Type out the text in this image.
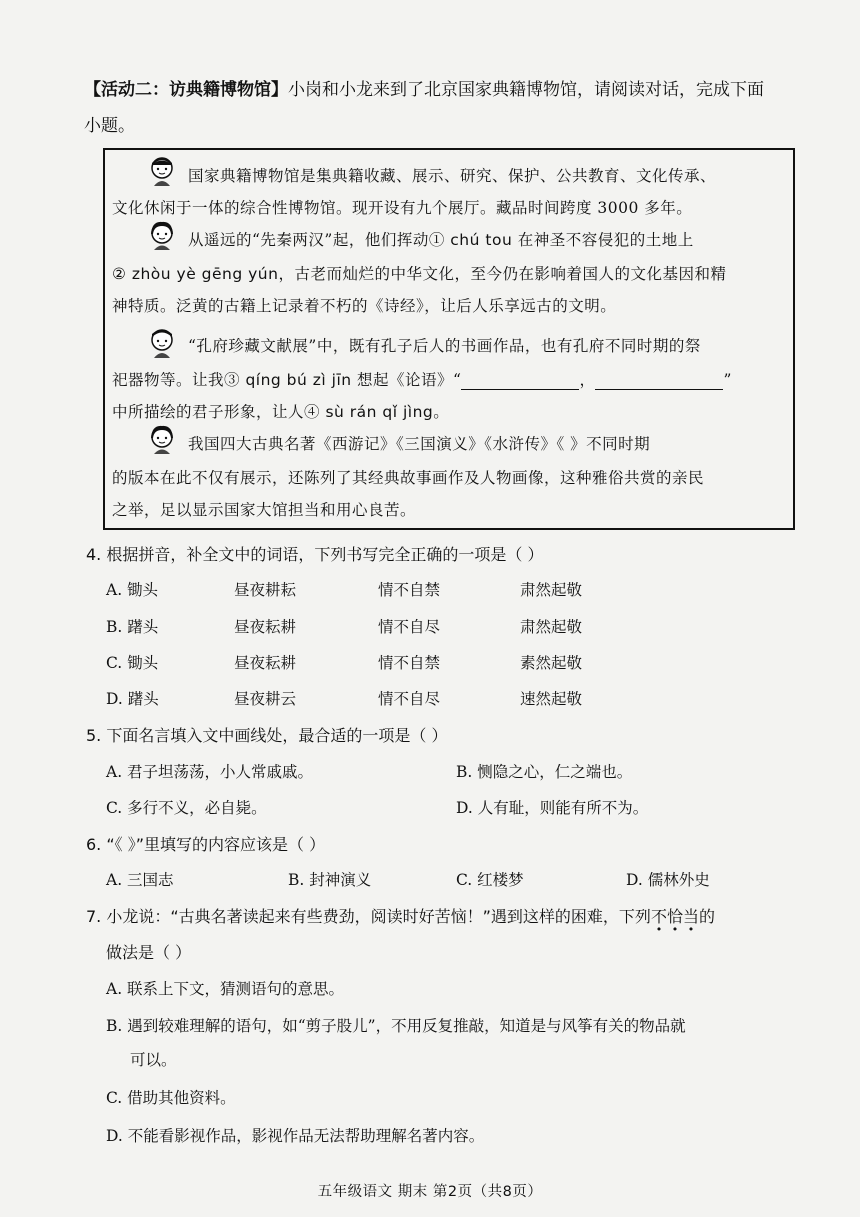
【活动二：访典籍博物馆】小岗和小龙来到了北京国家典籍博物馆，请阅读对话，完成下面
小题。
国家典籍博物馆是集典籍收藏、展示、研究、保护、公共教育、文化传承、
文化休闲于一体的综合性博物馆。现开设有九个展厅。藏品时间跨度 3000 多年。
从遥远的“先秦两汉”起，他们挥动① chú tou 在神圣不容侵犯的土地上
② zhòu yè gēng yún，古老而灿烂的中华文化，至今仍在影响着国人的文化基因和精
神特质。泛黄的古籍上记录着不朽的《诗经》，让后人乐享远古的文明。
“孔府珍藏文献展”中，既有孔子后人的书画作品，也有孔府不同时期的祭
祀器物等。让我③ qíng bú zì jīn 想起《论语》“	，	”
中所描绘的君子形象，让人④ sù rán qǐ jìng。
我国四大古典名著《西游记》《三国演义》《水浒传》《 》不同时期
的版本在此不仅有展示，还陈列了其经典故事画作及人物画像，这种雅俗共赏的亲民
之举，足以显示国家大馆担当和用心良苦。
4. 根据拼音，补全文中的词语，下列书写完全正确的一项是（ ）
A. 锄头	昼夜耕耘	情不自禁	肃然起敬
B. 躇头	昼夜耘耕	情不自尽	肃然起敬
C. 锄头	昼夜耘耕	情不自禁	素然起敬
D. 躇头	昼夜耕云	情不自尽	速然起敬
5. 下面名言填入文中画线处，最合适的一项是（ ）
A. 君子坦荡荡，小人常戚戚。	B. 恻隐之心，仁之端也。
C. 多行不义，必自毙。	D. 人有耻，则能有所不为。
6. “《 》”里填写的内容应该是（ ）
A. 三国志	B. 封神演义	C. 红楼梦	D. 儒林外史
7. 小龙说：“古典名著读起来有些费劲，阅读时好苦恼！”遇到这样的困难，下列不恰当的
做法是（ ）
A. 联系上下文，猜测语句的意思。
B. 遇到较难理解的语句，如“剪子股儿”，不用反复推敲，知道是与风筝有关的物品就
可以。
C. 借助其他资料。
D. 不能看影视作品，影视作品无法帮助理解名著内容。
五年级语文 期末 第2页（共8页）
